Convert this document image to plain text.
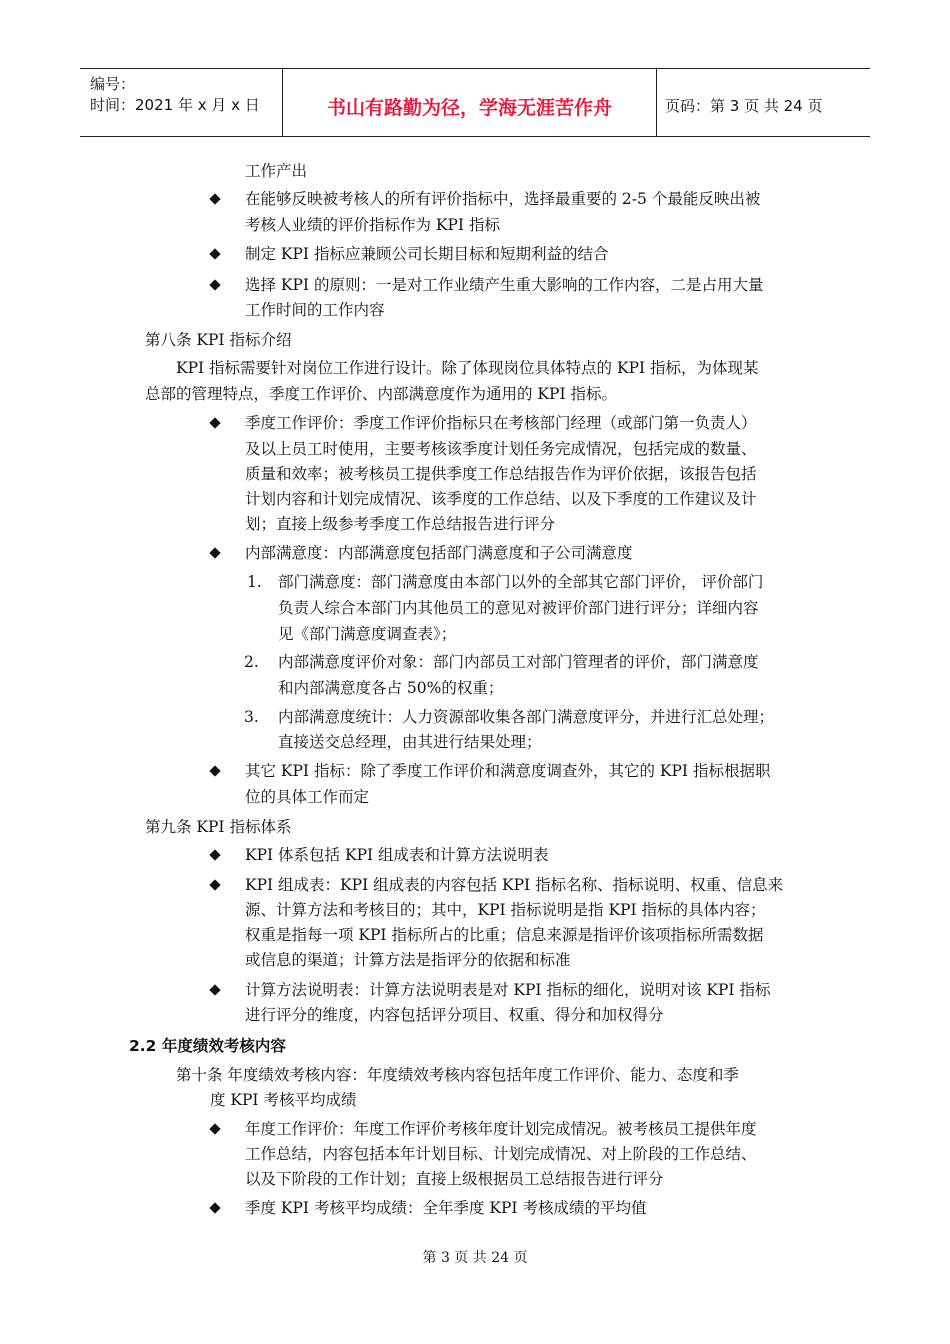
编号：
时间：2021 年 x 月 x 日	书山有路勤为径，学海无涯苦作舟	页码：第 3 页 共 24 页
工作产出
在能够反映被考核人的所有评价指标中，选择最重要的 2-5 个最能反映出被
考核人业绩的评价指标作为 KPI 指标
制定 KPI 指标应兼顾公司长期目标和短期利益的结合
选择 KPI 的原则：一是对工作业绩产生重大影响的工作内容，二是占用大量
工作时间的工作内容
第八条 KPI 指标介绍
KPI 指标需要针对岗位工作进行设计。除了体现岗位具体特点的 KPI 指标，为体现某
总部的管理特点，季度工作评价、内部满意度作为通用的 KPI 指标。
季度工作评价：季度工作评价指标只在考核部门经理（或部门第一负责人）
及以上员工时使用，主要考核该季度计划任务完成情况，包括完成的数量、
质量和效率；被考核员工提供季度工作总结报告作为评价依据，该报告包括
计划内容和计划完成情况、该季度的工作总结、以及下季度的工作建议及计
划；直接上级参考季度工作总结报告进行评分
内部满意度：内部满意度包括部门满意度和子公司满意度
1. 部门满意度：部门满意度由本部门以外的全部其它部门评价， 评价部门
负责人综合本部门内其他员工的意见对被评价部门进行评分；详细内容
见《部门满意度调查表》；
2. 内部满意度评价对象：部门内部员工对部门管理者的评价，部门满意度
和内部满意度各占 50%的权重；
3. 内部满意度统计：人力资源部收集各部门满意度评分，并进行汇总处理；
直接送交总经理，由其进行结果处理；
其它 KPI 指标：除了季度工作评价和满意度调查外，其它的 KPI 指标根据职
位的具体工作而定
第九条 KPI 指标体系
KPI 体系包括 KPI 组成表和计算方法说明表
KPI 组成表：KPI 组成表的内容包括 KPI 指标名称、指标说明、权重、信息来
源、计算方法和考核目的；其中，KPI 指标说明是指 KPI 指标的具体内容；
权重是指每一项 KPI 指标所占的比重；信息来源是指评价该项指标所需数据
或信息的渠道；计算方法是指评分的依据和标准
计算方法说明表：计算方法说明表是对 KPI 指标的细化，说明对该 KPI 指标
进行评分的维度，内容包括评分项目、权重、得分和加权得分
2.2 年度绩效考核内容
第十条 年度绩效考核内容：年度绩效考核内容包括年度工作评价、能力、态度和季
度 KPI 考核平均成绩
年度工作评价：年度工作评价考核年度计划完成情况。被考核员工提供年度
工作总结，内容包括本年计划目标、计划完成情况、对上阶段的工作总结、
以及下阶段的工作计划；直接上级根据员工总结报告进行评分
季度 KPI 考核平均成绩：全年季度 KPI 考核成绩的平均值
第 3 页 共 24 页
